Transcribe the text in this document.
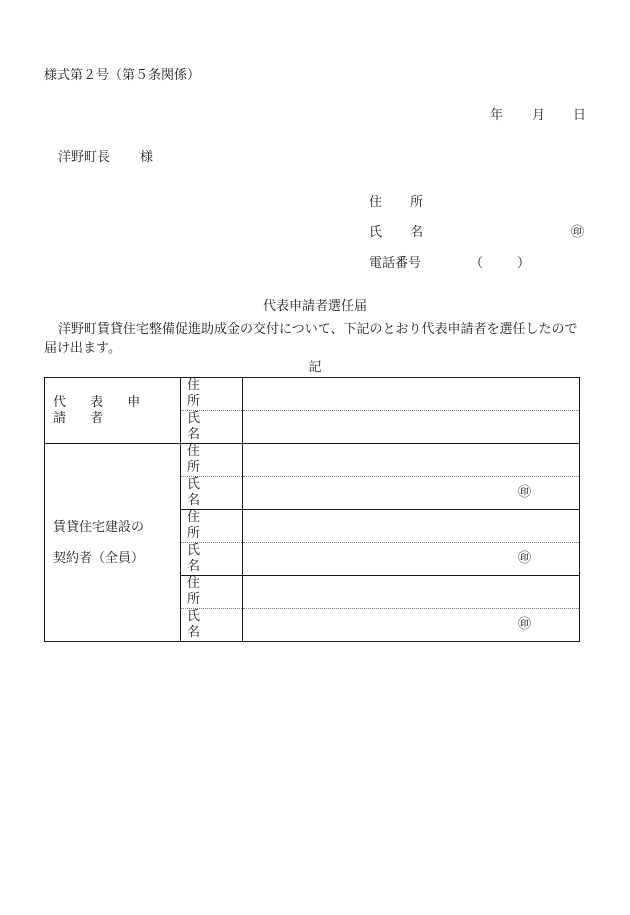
様式第２号（第５条関係）
年 月 日
洋野町長 様
住 所
氏 名	㊞
電話番号	（	）
代表申請者選任届
洋野町賃貸住宅整備促進助成金の交付について、下記のとおり代表申請者を選任したので届け出ます。
記
代 表 申 請 者	住 所	
	氏 名	
賃貸住宅建設の
契約者（全員）	住 所	
	氏 名	㊞
	住 所	
	氏 名	㊞
	住 所	
	氏 名	㊞
